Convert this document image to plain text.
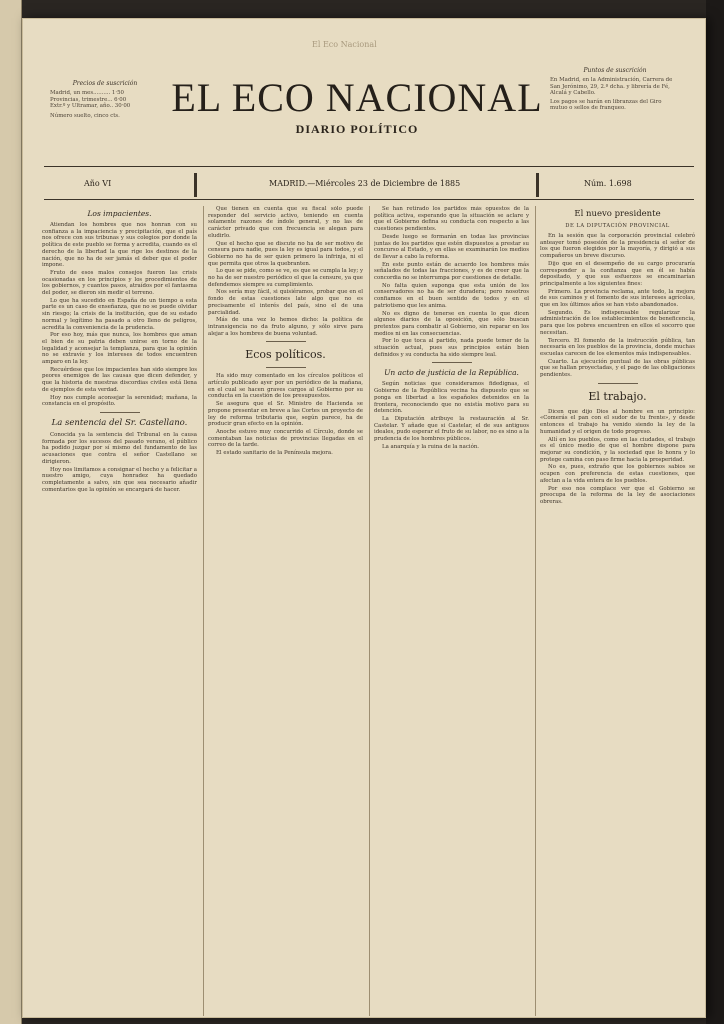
El Eco Nacional
Precios de suscrición
Madrid, un mes.......... 1·50
Provincias, trimestre... 6·00
Extr.º y Ultramar, año.. 30·00
Número suelto, cinco cts.	EL ECO NACIONAL
DIARIO POLÍTICO
Puntos de suscrición
En Madrid, en la Administración, Carrera de San Jerónimo, 29, 2.º dcha. y librería de Fé, Alcalá y Cabello.
Los pagos se harán en libranzas del Giro mutuo o sellos de franqueo.
Año VI	MADRID.—Miércoles 23 de Diciembre de 1885	Núm. 1.698
Los impacientes.

Atiendan los hombres que nos honran con su confianza a la impaciencia y precipitación, que el país nos ofrece con sus tribunas y sus colegios por donde la política de este pueblo se forma y acredita, cuando es el derecho de la libertad la que rige los destinos de la nación, que no ha de ser jamás el deber que el poder impone.

Fruto de esos malos consejos fueron las crisis ocasionadas en los principios y los procedimientos de los gobiernos, y cuantos pasos, atraídos por el fantasma del poder, se dieron sin medir el terreno.

Lo que ha sucedido en España de un tiempo a esta parte es un caso de enseñanza, que no se puede olvidar sin riesgo; la crisis de la institución, que de su estado normal y legítimo ha pasado a otro lleno de peligros, acredita la conveniencia de la prudencia.

Por eso hoy, más que nunca, los hombres que aman el bien de su patria deben unirse en torno de la legalidad y aconsejar la templanza, para que la opinión no se extravíe y los intereses de todos encuentren amparo en la ley.

Recuérdese que los impacientes han sido siempre los peores enemigos de las causas que dicen defender, y que la historia de nuestras discordias civiles está llena de ejemplos de esta verdad.

Hoy nos cumple aconsejar la serenidad; mañana, la constancia en el propósito.

La sentencia del Sr. Castellano.

Conocida ya la sentencia del Tribunal en la causa formada por los sucesos del pasado verano, el público ha podido juzgar por sí mismo del fundamento de las acusaciones que contra el señor Castellano se dirigieron.

Hoy nos limitamos a consignar el hecho y a felicitar a nuestro amigo, cuya honradez ha quedado completamente a salvo, sin que sea necesario añadir comentarios que la opinión se encargará de hacer.

Que tienen en cuenta que su fiscal sólo puede responder del servicio activo, teniendo en cuenta solamente razones de índole general, y no las de carácter privado que con frecuencia se alegan para eludirlo.

Que el hecho que se discute no ha de ser motivo de censura para nadie, pues la ley es igual para todos, y el Gobierno no ha de ser quien primero la infrinja, ni el que permita que otros la quebranten.

Lo que se pide, como se ve, es que se cumpla la ley; y no ha de ser nuestro periódico el que la censure, ya que defendemos siempre su cumplimiento.

Nos sería muy fácil, si quisiéramos, probar que en el fondo de estas cuestiones late algo que no es precisamente el interés del país, sino el de una parcialidad.

Más de una vez lo hemos dicho: la política de intransigencia no da fruto alguno, y sólo sirve para alejar a los hombres de buena voluntad.

Ecos políticos.

Ha sido muy comentado en los círculos políticos el artículo publicado ayer por un periódico de la mañana, en el cual se hacen graves cargos al Gobierno por su conducta en la cuestión de los presupuestos.

Se asegura que el Sr. Ministro de Hacienda se propone presentar en breve a las Cortes un proyecto de ley de reforma tributaria que, según parece, ha de producir gran efecto en la opinión.

Anoche estuvo muy concurrido el Círculo, donde se comentaban las noticias de provincias llegadas en el correo de la tarde.

El estado sanitario de la Península mejora.

Se han retirado los partidos más opuestos de la política activa, esperando que la situación se aclare y que el Gobierno defina su conducta con respecto a las cuestiones pendientes.

Desde luego se formarán en todas las provincias juntas de los partidos que estén dispuestos a prestar su concurso al Estado, y en ellas se examinarán los medios de llevar a cabo la reforma.

En este punto están de acuerdo los hombres más señalados de todas las fracciones, y es de creer que la concordia no se interrumpa por cuestiones de detalle.

No falta quien suponga que esta unión de los conservadores no ha de ser duradera; pero nosotros confiamos en el buen sentido de todos y en el patriotismo que les anima.

No es digno de tenerse en cuenta lo que dicen algunos diarios de la oposición, que sólo buscan pretextos para combatir al Gobierno, sin reparar en los medios ni en las consecuencias.

Por lo que toca al partido, nada puede temer de la situación actual, pues sus principios están bien definidos y su conducta ha sido siempre leal.

Un acto de justicia de la República.

Según noticias que consideramos fidedignas, el Gobierno de la República vecina ha dispuesto que se ponga en libertad a los españoles detenidos en la frontera, reconociendo que no existía motivo para su detención.

La Diputación atribuye la restauración al Sr. Castelar. Y añade que si Castelar, el de sus antiguos ideales, pudo esperar el fruto de su labor, no es sino a la prudencia de los hombres públicos.

La anarquía y la ruina de la nación.

El nuevo presidente
DE LA DIPUTACIÓN PROVINCIAL

En la sesión que la corporación provincial celebró anteayer tomó posesión de la presidencia el señor de los que fueron elegidos por la mayoría, y dirigió a sus compañeros un breve discurso.

Dijo que en el desempeño de su cargo procuraría corresponder a la confianza que en él se había depositado, y que sus esfuerzos se encaminarían principalmente a los siguientes fines:

Primero. La provincia reclama, ante todo, la mejora de sus caminos y el fomento de sus intereses agrícolas, que en los últimos años se han visto abandonados.

Segundo. Es indispensable regularizar la administración de los establecimientos de beneficencia, para que los pobres encuentren en ellos el socorro que necesitan.

Tercero. El fomento de la instrucción pública, tan necesaria en los pueblos de la provincia, donde muchas escuelas carecen de los elementos más indispensables.

Cuarto. La ejecución puntual de las obras públicas que se hallan proyectadas, y el pago de las obligaciones pendientes.

El trabajo.

Dicen que dijo Dios al hombre en un principio: «Comerás el pan con el sudor de tu frente», y desde entonces el trabajo ha venido siendo la ley de la humanidad y el origen de todo progreso.

Allí en los pueblos, como en las ciudades, el trabajo es el único medio de que el hombre dispone para mejorar su condición, y la sociedad que lo honra y lo protege camina con paso firme hacia la prosperidad.

No es, pues, extraño que los gobiernos sabios se ocupen con preferencia de estas cuestiones, que afectan a la vida entera de los pueblos.

Por eso nos complace ver que el Gobierno se preocupa de la reforma de la ley de asociaciones obreras.
